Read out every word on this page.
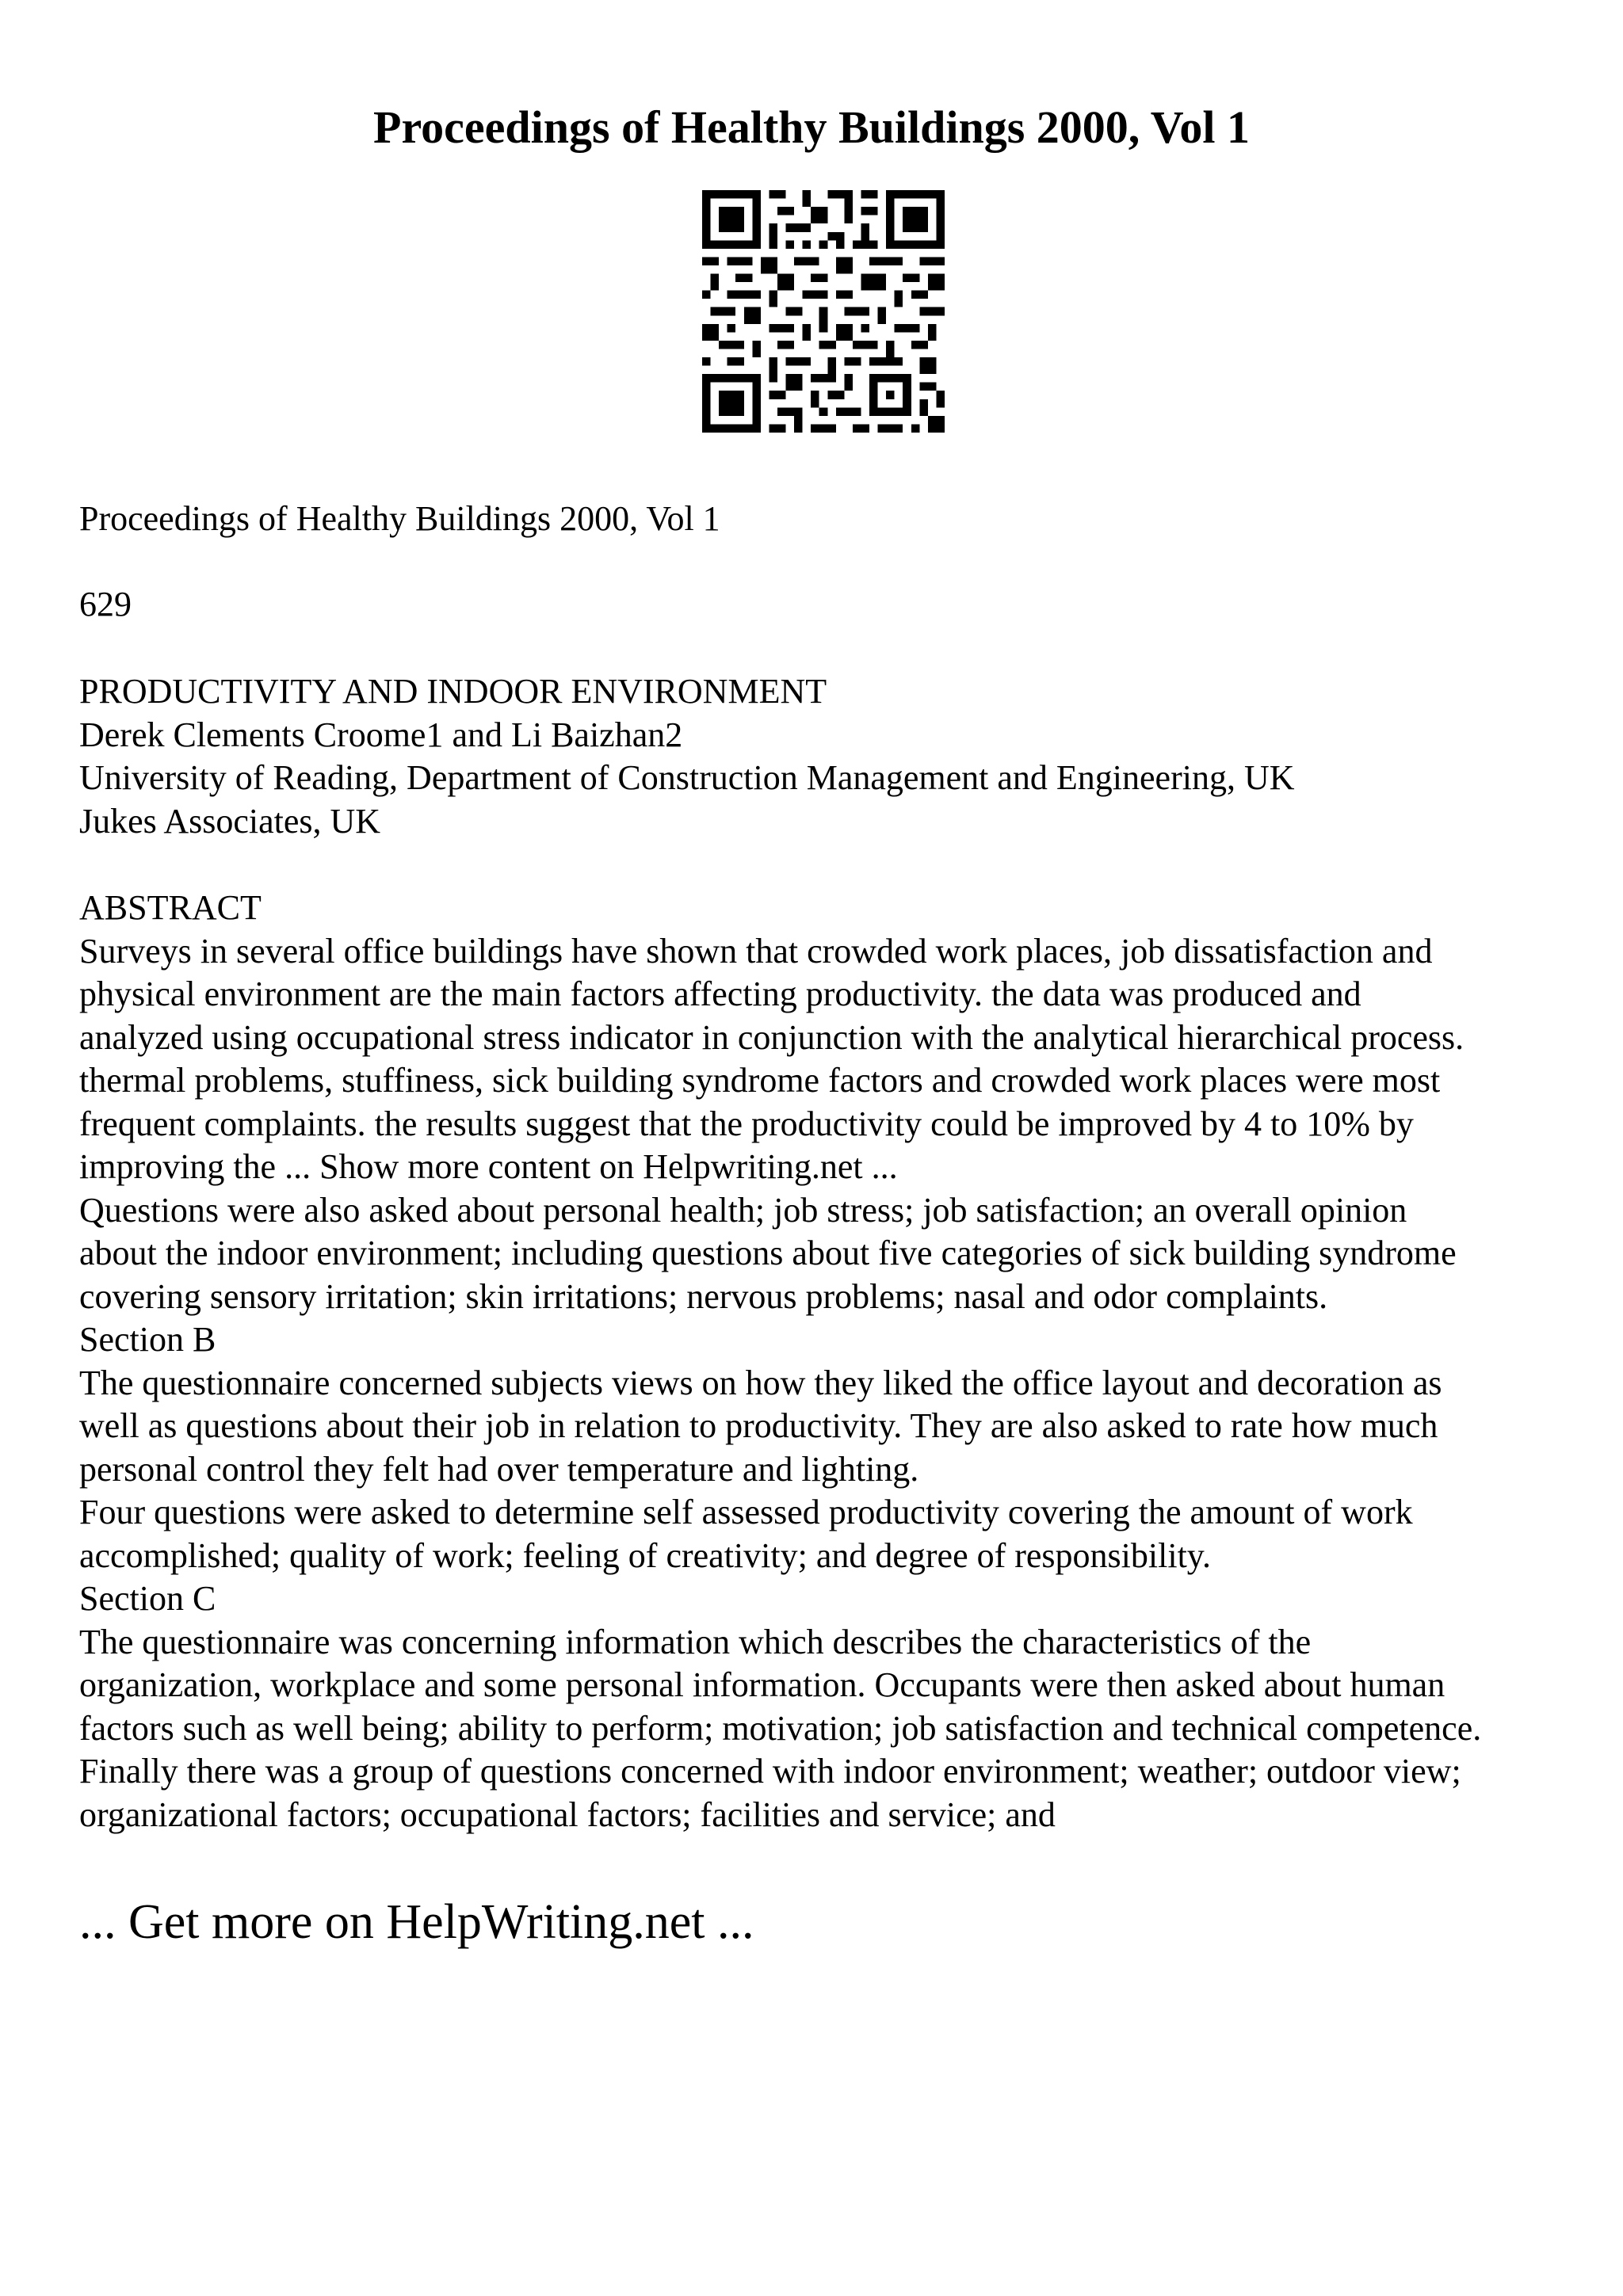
Proceedings of Healthy Buildings 2000, Vol 1
Proceedings of Healthy Buildings 2000, Vol 1
629
PRODUCTIVITY AND INDOOR ENVIRONMENT
Derek Clements Croome1 and Li Baizhan2
University of Reading, Department of Construction Management and Engineering, UK
Jukes Associates, UK
ABSTRACT
Surveys in several office buildings have shown that crowded work places, job dissatisfaction and
physical environment are the main factors affecting productivity. the data was produced and
analyzed using occupational stress indicator in conjunction with the analytical hierarchical process.
thermal problems, stuffiness, sick building syndrome factors and crowded work places were most
frequent complaints. the results suggest that the productivity could be improved by 4 to 10% by
improving the ... Show more content on Helpwriting.net ...
Questions were also asked about personal health; job stress; job satisfaction; an overall opinion
about the indoor environment; including questions about five categories of sick building syndrome
covering sensory irritation; skin irritations; nervous problems; nasal and odor complaints.
Section B
The questionnaire concerned subjects views on how they liked the office layout and decoration as
well as questions about their job in relation to productivity. They are also asked to rate how much
personal control they felt had over temperature and lighting.
Four questions were asked to determine self assessed productivity covering the amount of work
accomplished; quality of work; feeling of creativity; and degree of responsibility.
Section C
The questionnaire was concerning information which describes the characteristics of the
organization, workplace and some personal information. Occupants were then asked about human
factors such as well being; ability to perform; motivation; job satisfaction and technical competence.
Finally there was a group of questions concerned with indoor environment; weather; outdoor view;
organizational factors; occupational factors; facilities and service; and
... Get more on HelpWriting.net ...
